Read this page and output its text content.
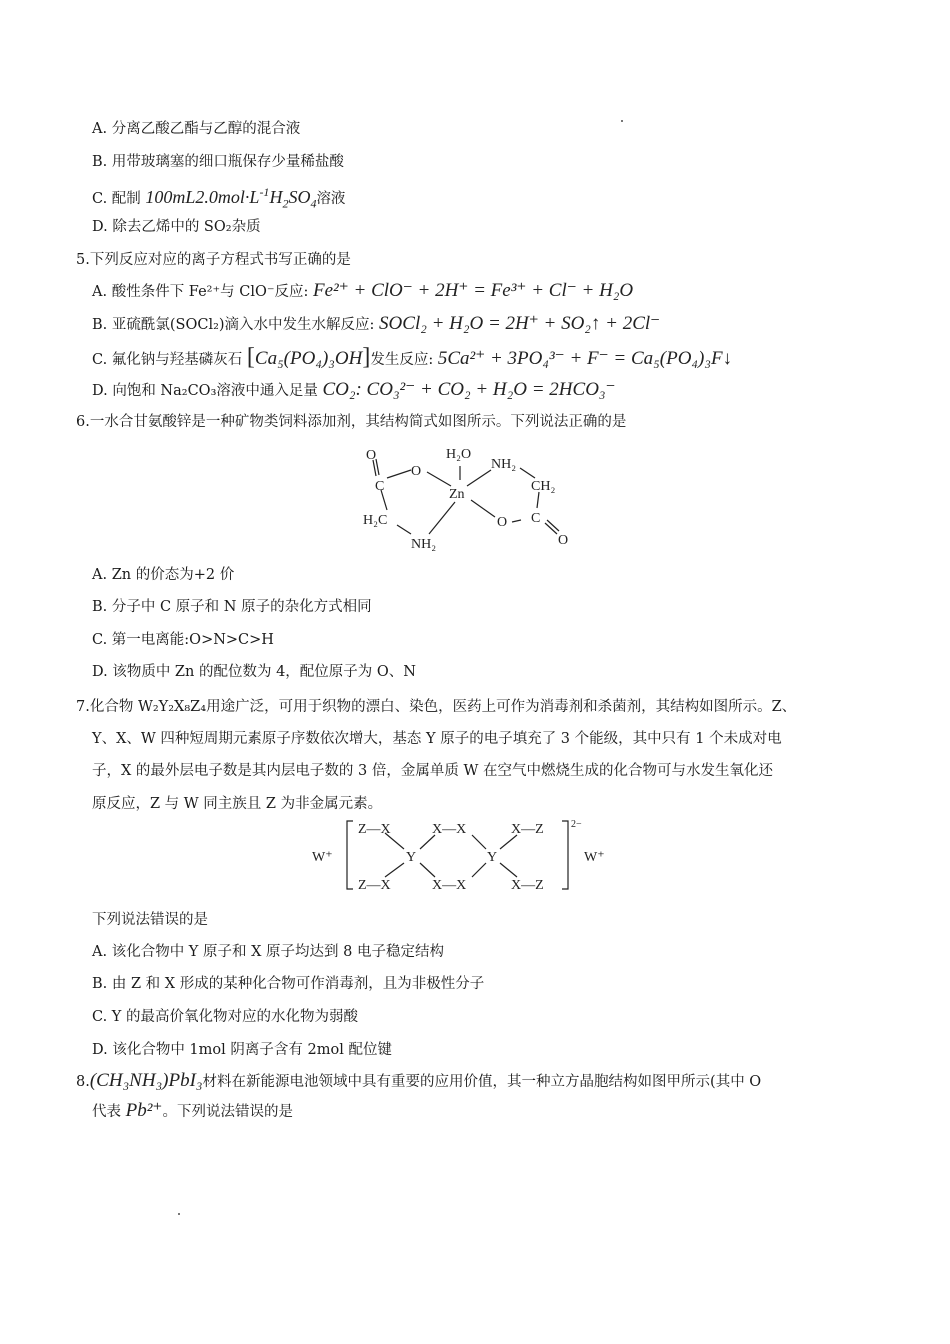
A. 分离乙酸乙酯与乙醇的混合液
B. 用带玻璃塞的细口瓶保存少量稀盐酸
C. 配制 $100mL2.0mol\cdot L^{-1}H_2SO_4$溶液
D. 除去乙烯中的 SO₂杂质
5.下列反应对应的离子方程式书写正确的是
A. 酸性条件下 Fe²⁺与 ClO⁻反应: Fe²⁺ + ClO⁻ + 2H⁺ = Fe³⁺ + Cl⁻ + H₂O
B. 亚硫酰氯(SOCl₂)滴入水中发生水解反应: SOCl₂ + H₂O = 2H⁺ + SO₂↑ + 2Cl⁻
C. 氟化钠与羟基磷灰石 [Ca₅(PO₄)₃OH]发生反应: 5Ca²⁺ + 3PO₄³⁻ + F⁻ = Ca₅(PO₄)₃F↓
D. 向饱和 Na₂CO₃溶液中通入足量 CO₂: CO₃²⁻ + CO₂ + H₂O = 2HCO₃⁻
6.一水合甘氨酸锌是一种矿物类饲料添加剂，其结构简式如图所示。下列说法正确的是
H₂O
O
O
C
Zn
H₂C
NH₂
NH₂
CH₂
O C
O
A. Zn 的价态为+2 价
B. 分子中 C 原子和 N 原子的杂化方式相同
C. 第一电离能:O>N>C>H
D. 该物质中 Zn 的配位数为 4，配位原子为 O、N
7.化合物 W₂Y₂X₈Z₄用途广泛，可用于织物的漂白、染色，医药上可作为消毒剂和杀菌剂，其结构如图所示。Z、
Y、X、W 四种短周期元素原子序数依次增大，基态 Y 原子的电子填充了 3 个能级，其中只有 1 个未成对电
子，X 的最外层电子数是其内层电子数的 3 倍，金属单质 W 在空气中燃烧生成的化合物可与水发生氧化还
原反应，Z 与 W 同主族且 Z 为非金属元素。
W⁺
Z—X
Z—X
Y
X—X
X—X
Y
X—Z
X—Z
2−
W⁺
下列说法错误的是
A. 该化合物中 Y 原子和 X 原子均达到 8 电子稳定结构
B. 由 Z 和 X 形成的某种化合物可作消毒剂，且为非极性分子
C. Y 的最高价氧化物对应的水化物为弱酸
D. 该化合物中 1mol 阴离子含有 2mol 配位键
8.(CH₃NH₃)PbI₃材料在新能源电池领域中具有重要的应用价值，其一种立方晶胞结构如图甲所示(其中 O
代表 Pb²⁺。下列说法错误的是
